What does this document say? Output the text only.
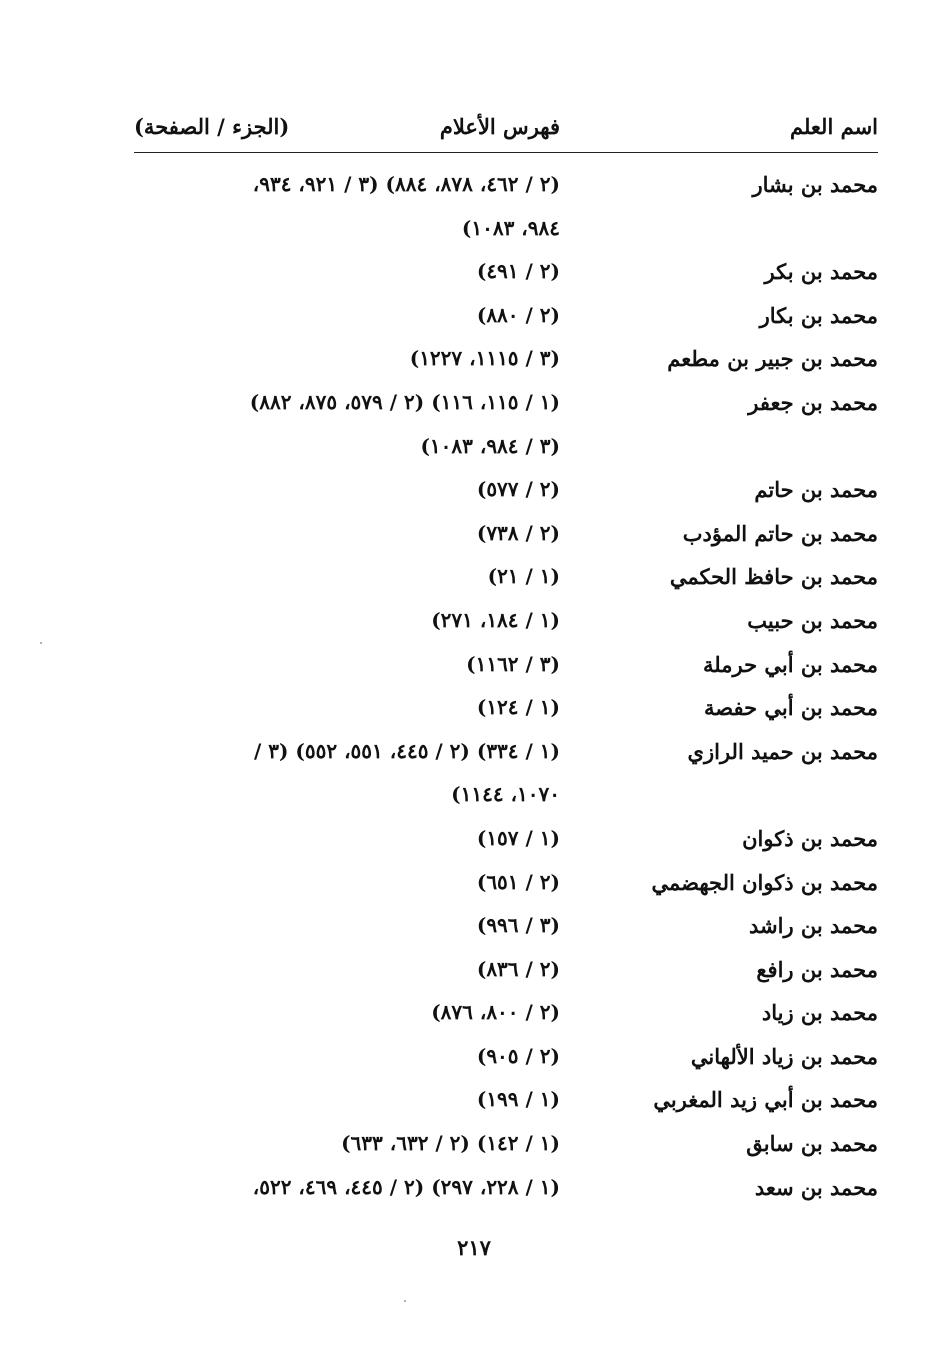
اسم العلم
فهرس الأعلام
(الجزء / الصفحة)
محمد بن بشار
(٢ / ٤٦٢، ٨٧٨، ٨٨٤) (٣ / ٩٢١، ٩٣٤،
٩٨٤، ١٠٨٣)
محمد بن بكر
(٢ / ٤٩١)
محمد بن بكار
(٢ / ٨٨٠)
محمد بن جبير بن مطعم
(٣ / ١١١٥، ١٢٢٧)
محمد بن جعفر
(١ / ١١٥، ١١٦) (٢ / ٥٧٩، ٨٧٥، ٨٨٢)
(٣ / ٩٨٤، ١٠٨٣)
محمد بن حاتم
(٢ / ٥٧٧)
محمد بن حاتم المؤدب
(٢ / ٧٣٨)
محمد بن حافظ الحكمي
(١ / ٢١)
محمد بن حبيب
(١ / ١٨٤، ٢٧١)
محمد بن أبي حرملة
(٣ / ١١٦٢)
محمد بن أبي حفصة
(١ / ١٢٤)
محمد بن حميد الرازي
(١ / ٣٣٤) (٢ / ٤٤٥، ٥٥١، ٥٥٢) (٣ /
١٠٧٠، ١١٤٤)
محمد بن ذكوان
(١ / ١٥٧)
محمد بن ذكوان الجهضمي
(٢ / ٦٥١)
محمد بن راشد
(٣ / ٩٩٦)
محمد بن رافع
(٢ / ٨٣٦)
محمد بن زياد
(٢ / ٨٠٠، ٨٧٦)
محمد بن زياد الألهاني
(٢ / ٩٠٥)
محمد بن أبي زيد المغربي
(١ / ١٩٩)
محمد بن سابق
(١ / ١٤٢) (٢ / ٦٣٢، ٦٣٣)
محمد بن سعد
(١ / ٢٢٨، ٢٩٧) (٢ / ٤٤٥، ٤٦٩، ٥٢٢،
٢١٧
